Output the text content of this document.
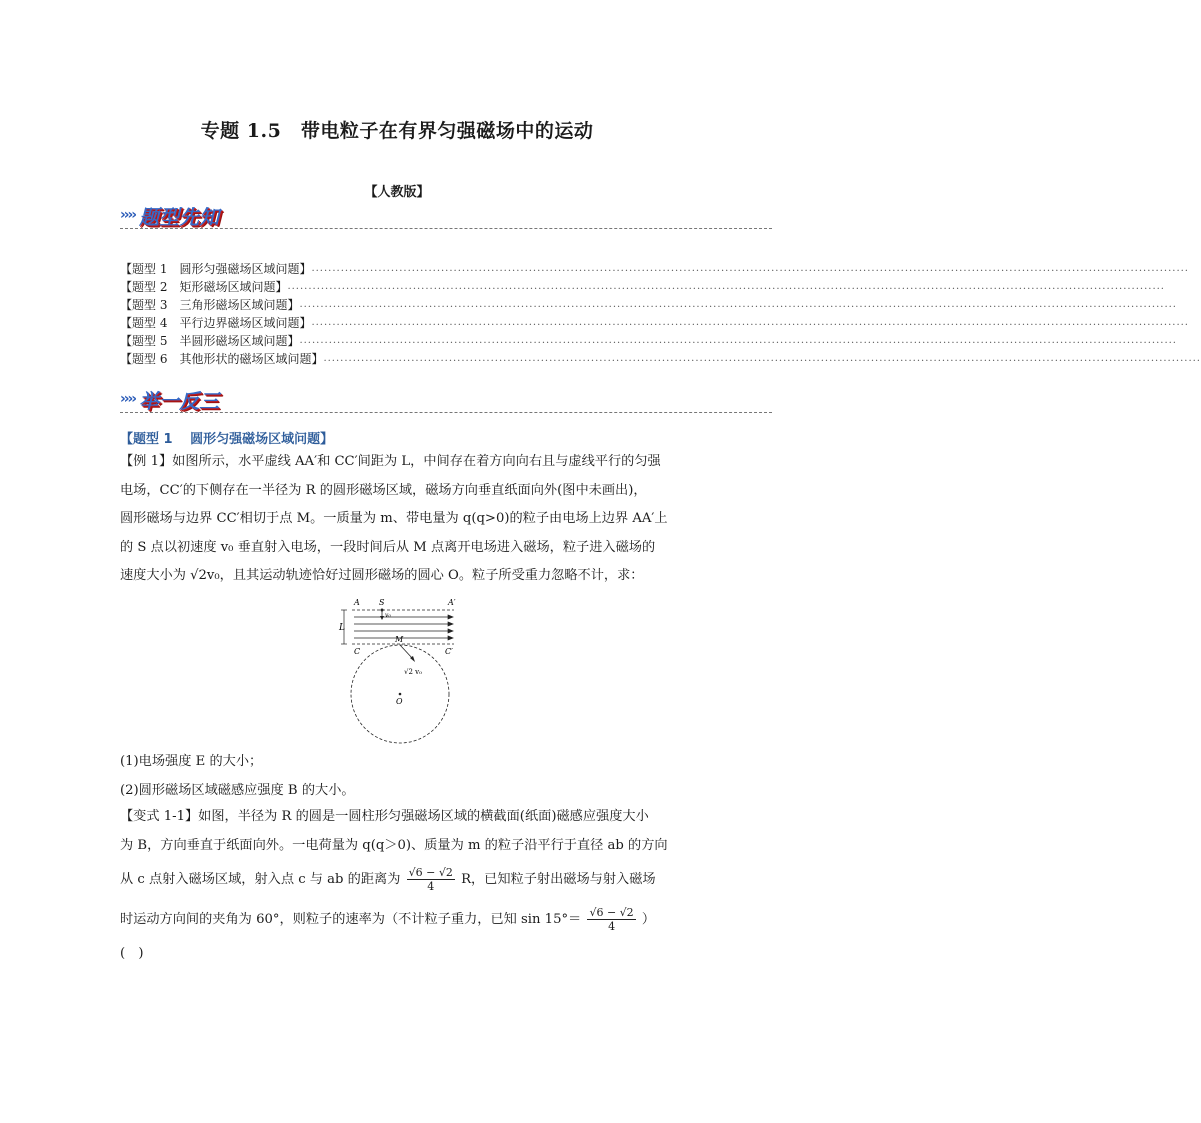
专题 1.5　带电粒子在有界匀强磁场中的运动
【人教版】
›››› 题型先知
【题型 1　圆形匀强磁场区域问题】 ..................................................................................................................................................................................................................
【题型 2　矩形磁场区域问题】 ..................................................................................................................................................................................................................
【题型 3　三角形磁场区域问题】 ..................................................................................................................................................................................................................
【题型 4　平行边界磁场区域问题】 ..................................................................................................................................................................................................................
【题型 5　半圆形磁场区域问题】 ..................................................................................................................................................................................................................
【题型 6　其他形状的磁场区域问题】 ..................................................................................................................................................................................................................
›››› 举一反三
【题型 1　 圆形匀强磁场区域问题】
【例 1】如图所示，水平虚线 AA′和 CC′间距为 L，中间存在着方向向右且与虚线平行的匀强
电场，CC′的下侧存在一半径为 R 的圆形磁场区域，磁场方向垂直纸面向外(图中未画出)，
圆形磁场与边界 CC′相切于点 M。一质量为 m、带电量为 q(q>0)的粒子由电场上边界 AA′上
的 S 点以初速度 v₀ 垂直射入电场，一段时间后从 M 点离开电场进入磁场，粒子进入磁场的
速度大小为 √2v₀，且其运动轨迹恰好过圆形磁场的圆心 O。粒子所受重力忽略不计，求：
L
S
v₀
A	A′
C	C′
M
O
√2 v₀
(1)电场强度 E 的大小；
(2)圆形磁场区域磁感应强度 B 的大小。
【变式 1-1】如图，半径为 R 的圆是一圆柱形匀强磁场区域的横截面(纸面)磁感应强度大小
为 B，方向垂直于纸面向外。一电荷量为 q(q＞0)、质量为 m 的粒子沿平行于直径 ab 的方向
从 c 点射入磁场区域，射入点 c 与 ab 的距离为 $\frac{√6 - √2}{4}$ R，已知粒子射出磁场与射入磁场
时运动方向间的夹角为 60°，则粒子的速率为（不计粒子重力，已知 $\sin 15^\circ= \frac{√6 - √2}{4}$ ）
(　)
